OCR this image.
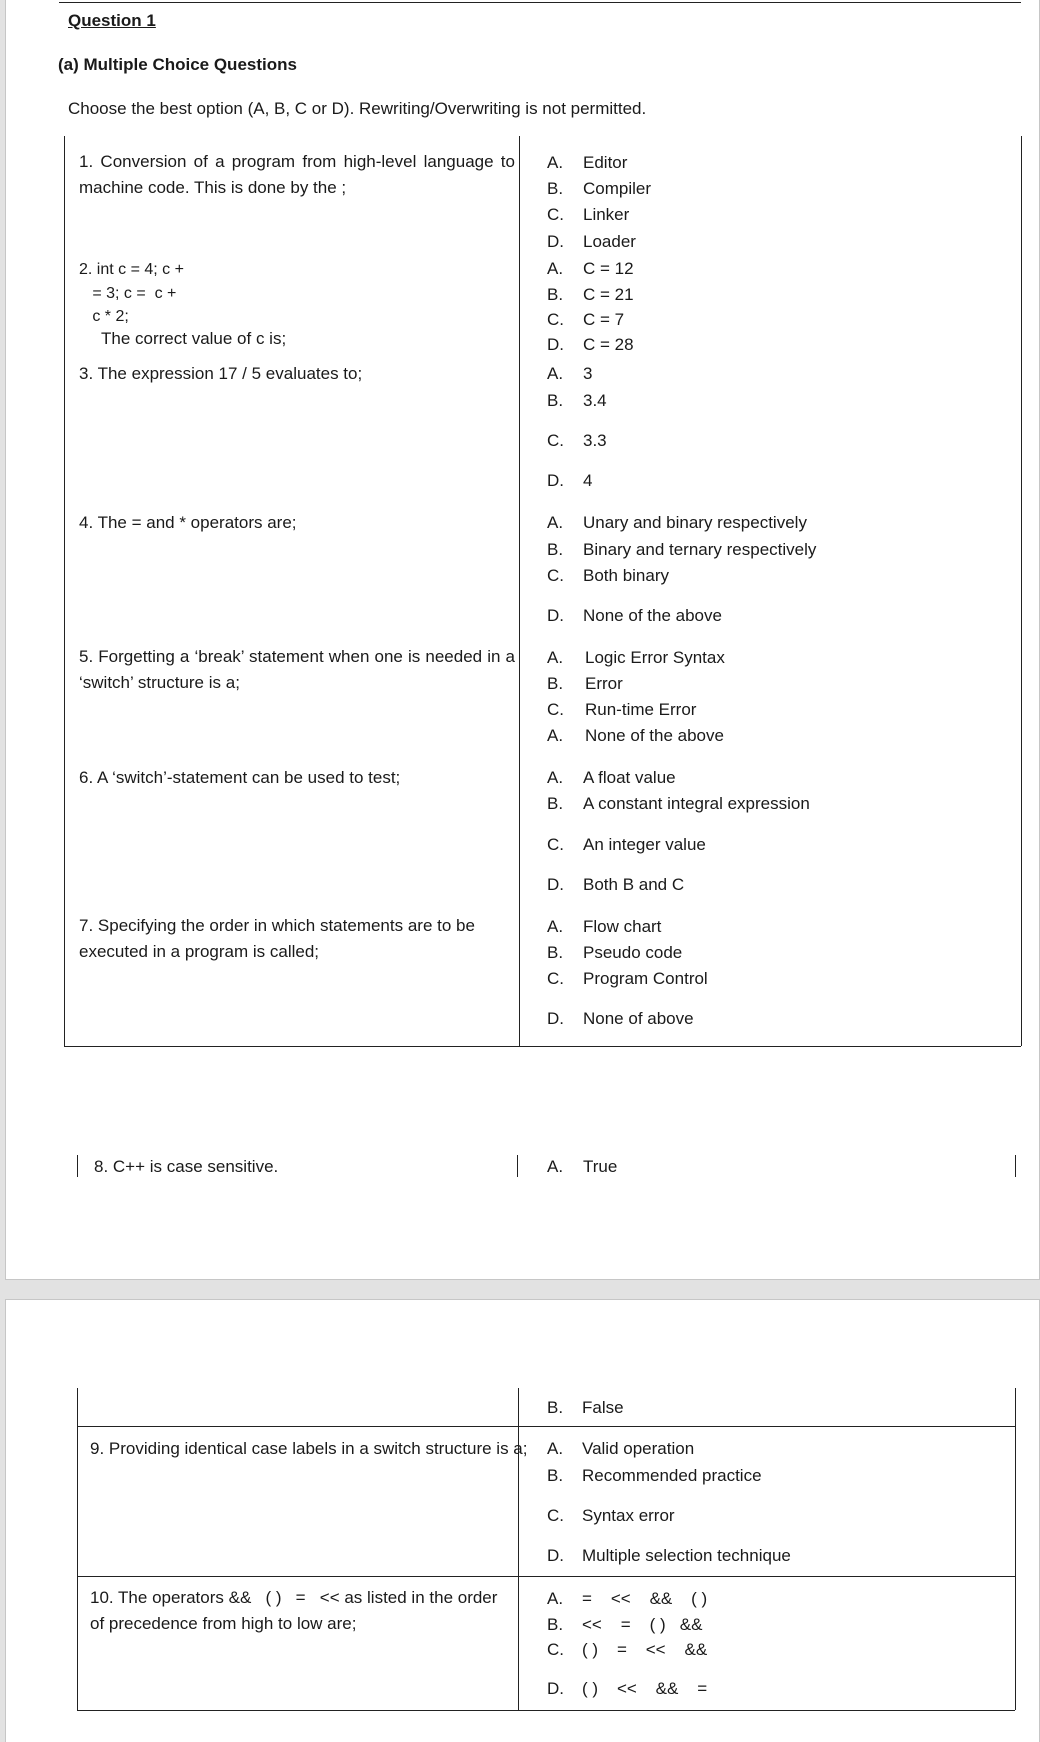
Question 1
(a) Multiple Choice Questions
Choose the best option (A, B, C or D). Rewriting/Overwriting is not permitted.
1. Conversion of a program from high-level language to machine code. This is done by the ;
A.	Editor
B.	Compiler
C.	Linker
D.	Loader
2. int c = 4; c +
= 3; c =  c +
c * 2;
The correct value of c is;
A.	C = 12
B.	C = 21
C.	C = 7
D.	C = 28
3. The expression 17 / 5 evaluates to;	A.	3
B.	3.4
C.	3.3
D.	4
4. The = and * operators are;	A.	Unary and binary respectively
B.	Binary and ternary respectively
C.	Both binary
D.	None of the above
5. Forgetting a ‘break’ statement when one is needed in a ‘switch’ structure is a;
A.	Logic Error Syntax
B.	Error
C.	Run-time Error
A.	None of the above
6. A ‘switch’-statement can be used to test;	A.	A float value
B.	A constant integral expression
C.	An integer value
D.	Both B and C
7. Specifying the order in which statements are to be executed in a program is called;
A.	Flow chart
B.	Pseudo code
C.	Program Control
D.	None of above
8. C++ is case sensitive.	A.	True
B.	False
9. Providing identical case labels in a switch structure is a; A.	Valid operation
B.	Recommended practice
C.	Syntax error
D.	Multiple selection technique
10. The operators &&   ( )   =   << as listed in the order of precedence from high to low are;
A.	=    <<    &&    ( )
B.	<<    =    ( )   &&
C.	( )    =    <<    &&
D.	( )    <<    &&    =
